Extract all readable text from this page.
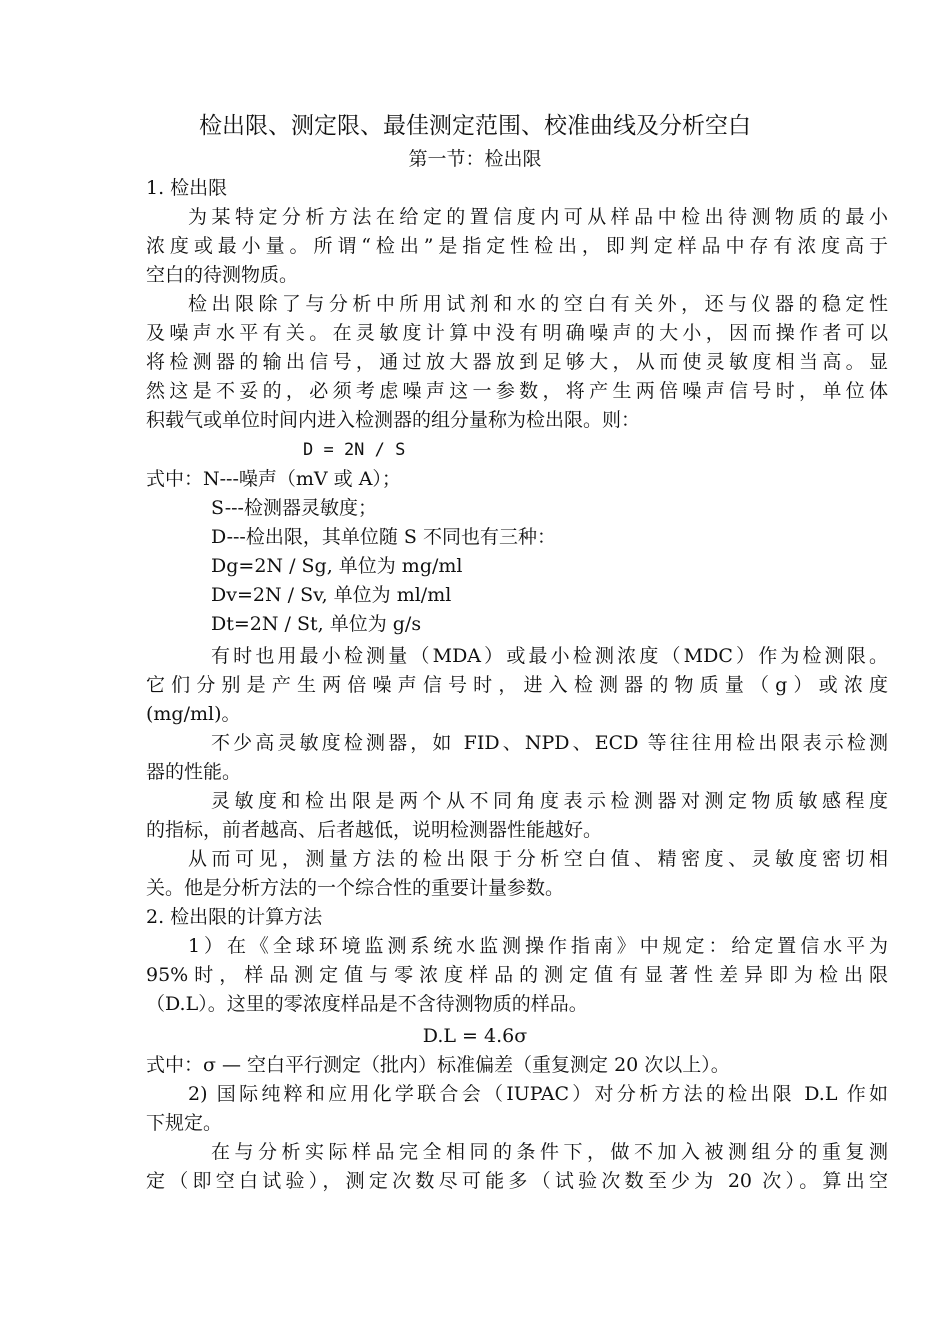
检出限、测定限、最佳测定范围、校准曲线及分析空白
第一节：检出限
1. 检出限
为某特定分析方法在给定的置信度内可从样品中检出待测物质的最小
浓度或最小量。所谓“检出”是指定性检出，即判定样品中存有浓度高于
空白的待测物质。
检出限除了与分析中所用试剂和水的空白有关外，还与仪器的稳定性
及噪声水平有关。在灵敏度计算中没有明确噪声的大小，因而操作者可以
将检测器的输出信号，通过放大器放到足够大，从而使灵敏度相当高。显
然这是不妥的，必须考虑噪声这一参数，将产生两倍噪声信号时，单位体
积载气或单位时间内进入检测器的组分量称为检出限。则：
D = 2N / S
式中：N---噪声（mV 或 A）；
S---检测器灵敏度；
D---检出限，其单位随 S 不同也有三种：
Dg=2N / Sg, 单位为 mg/ml
Dv=2N / Sv, 单位为 ml/ml
Dt=2N / St, 单位为 g/s
有时也用最小检测量（MDA）或最小检测浓度（MDC）作为检测限。
它们分别是产生两倍噪声信号时，进入检测器的物质量（g）或浓度
(mg/ml)。
不少高灵敏度检测器，如 FID、NPD、ECD 等往往用检出限表示检测
器的性能。
灵敏度和检出限是两个从不同角度表示检测器对测定物质敏感程度
的指标，前者越高、后者越低，说明检测器性能越好。
从而可见，测量方法的检出限于分析空白值、精密度、灵敏度密切相
关。他是分析方法的一个综合性的重要计量参数。
2. 检出限的计算方法
1）在《全球环境监测系统水监测操作指南》中规定：给定置信水平为
95%时，样品测定值与零浓度样品的测定值有显著性差异即为检出限
（D.L）。这里的零浓度样品是不含待测物质的样品。
D.L = 4.6σ
式中：σ — 空白平行测定（批内）标准偏差（重复测定 20 次以上）。
2) 国际纯粹和应用化学联合会（IUPAC）对分析方法的检出限 D.L 作如
下规定。
在与分析实际样品完全相同的条件下，做不加入被测组分的重复测
定（即空白试验），测定次数尽可能多（试验次数至少为 20 次）。算出空
